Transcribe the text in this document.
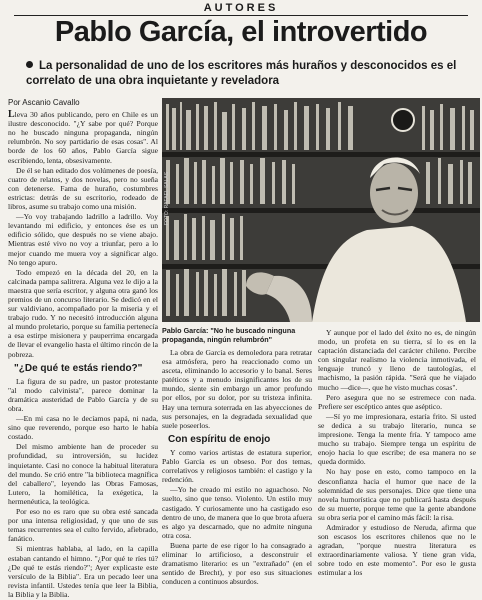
AUTORES
Pablo García, el introvertido
La personalidad de uno de los escritores más huraños y desconocidos es el correlato de una obra inquietante y reveladora
Por Ascanio Cavallo

Lleva 30 años publicando, pero en Chile es un ilustre desconocido. "¿Y sabe por qué? Porque no he buscado ninguna propaganda, ningún relumbrón. No soy partidario de esas cosas". Al borde de los 60 años, Pablo García sigue escribiendo, lenta, obsesivamente.

De él se han editado dos volúmenes de poesía, cuatro de relatos, y dos novelas, pero no sueña con detenerse. Fama de huraño, costumbres estrictas: detrás de su escritorio, rodeado de libros, asume su trabajo como una misión.

—Yo voy trabajando ladrillo a ladrillo. Voy levantando mi edificio, y entonces ése es un edificio sólido, que después no se viene abajo. Mientras esté vivo no voy a triunfar, pero a lo mejor cuando me muera voy a significar algo. No tengo apuro.

Todo empezó en la década del 20, en la calcinada pampa salitrera. Alguna vez le dijo a la maestra que sería escritor, y alguna otra ganó los premios de un concurso literario. Se dedicó en el sur valdiviano, acompañado por la miseria y el trabajo rudo. Y no necesitó introducción alguna al mundo proletario, porque su familia pertenecía a esa estirpe misionera y pauperrima encargada de llevar el evangelio hasta el último rincón de la pobreza.

"¿De qué te estás riendo?"

La figura de su padre, un pastor protestante "al modo calvinista", parece dominar la dramática austeridad de Pablo García y de su obra.

—En mi casa no le decíamos papá, ni nada, sino que reverendo, porque eso harto le había costado.

Del mismo ambiente han de proceder su profundidad, su introversión, su lucidez inquietante. Casi no conoce la habitual literatura del mundo. Se crió entre "la biblioteca magnífica del caballero", leyendo las Obras Famosas, Lutero, la homilética, la exégetica, la hermenéutica, la teológica.

Por eso no es raro que su obra esté sancada por una intensa religiosidad, y que uno de sus temas recurrentes sea el culto fervido, afiebrado, fanático.

Si mientras hablaba, al lado, en la capilla estaban cantando el himno. "¿Por qué te ríes tú? ¿De qué te estás riendo?"; Ayer explicaste este versículo de la Biblia". Era un pecado leer una revista infantil. Ustedes tenía que leer la Biblia, la Biblia y la Biblia.

FOTO: RAFAEL SALAS
Pablo García: "No he buscado ninguna propaganda, ningún relumbrón"

La obra de García es demoledora para retratar esa atmósfera, pero ha reaccionado como un asceta, eliminando lo accesorio y lo banal. Seres patéticos y a menudo insignificantes los de su mundo, siente sin embargo un amor profundo por ellos, por su dolor, por su tristeza infinita. Hay una ternura soterrada en las abyecciones de sus personajes, en la degradada sexualidad que suele poseerlos.

Con espíritu de enojo

Y como varios artistas de estatura superior, Pablo García es un obseso. Por dos temas, correlativos y religiosos también: el castigo y la redención.

—Yo he creado mi estilo no aguachoso. No suelto, sino que tenso. Violento. Un estilo muy castigado. Y curiosamente uno ha castigado eso dentro de uno, de manera que lo que brota afuera es algo ya descarnado, que no admite ninguna otra cosa.

Buena parte de ese rigor lo ha consagrado a eliminar lo artificioso, a desconstruir el dramatismo literario: es un "extrañado" (en el sentido de Brecht), y por eso sus situaciones conducen a continuos absurdos.

Y aunque por el lado del éxito no es, de ningún modo, un profeta en su tierra, sí lo es en la captación distanciada del carácter chileno. Percibe con singular realismo la violencia inmotivada, el lenguaje truncó y lleno de tautologías, el machismo, la pasión rápida. "Será que he viajado mucho —dice—, que he visto muchas cosas".

Pero asegura que no se estremece con nada. Prefiere ser escéptico antes que aséptico.

—Sí yo me impresionara, estaría frito. Si usted se dedica a su trabajo literario, nunca se impresione. Tenga la mente fría. Y tampoco ame mucho su trabajo. Siempre tenga un espíritu de enojo hacia lo que escribe; de esa manera no se queda dormido.

No hay pose en esto, como tampoco en la desconfianza hacia el humor que nace de la solemnidad de sus personajes. Dice que tiene una novela humorística que no publicará hasta después de su muerte, porque teme que la gente abandone su obra seria por el camino más fácil: la risa.

Admirador y estudioso de Neruda, afirma que son escasos los escritores chilenos que no le agradan, "porque nuestra literatura es extraordinariamente valiosa. Y tiene gran vida, sobre todo en este momento". Por eso le gusta estimular a los
